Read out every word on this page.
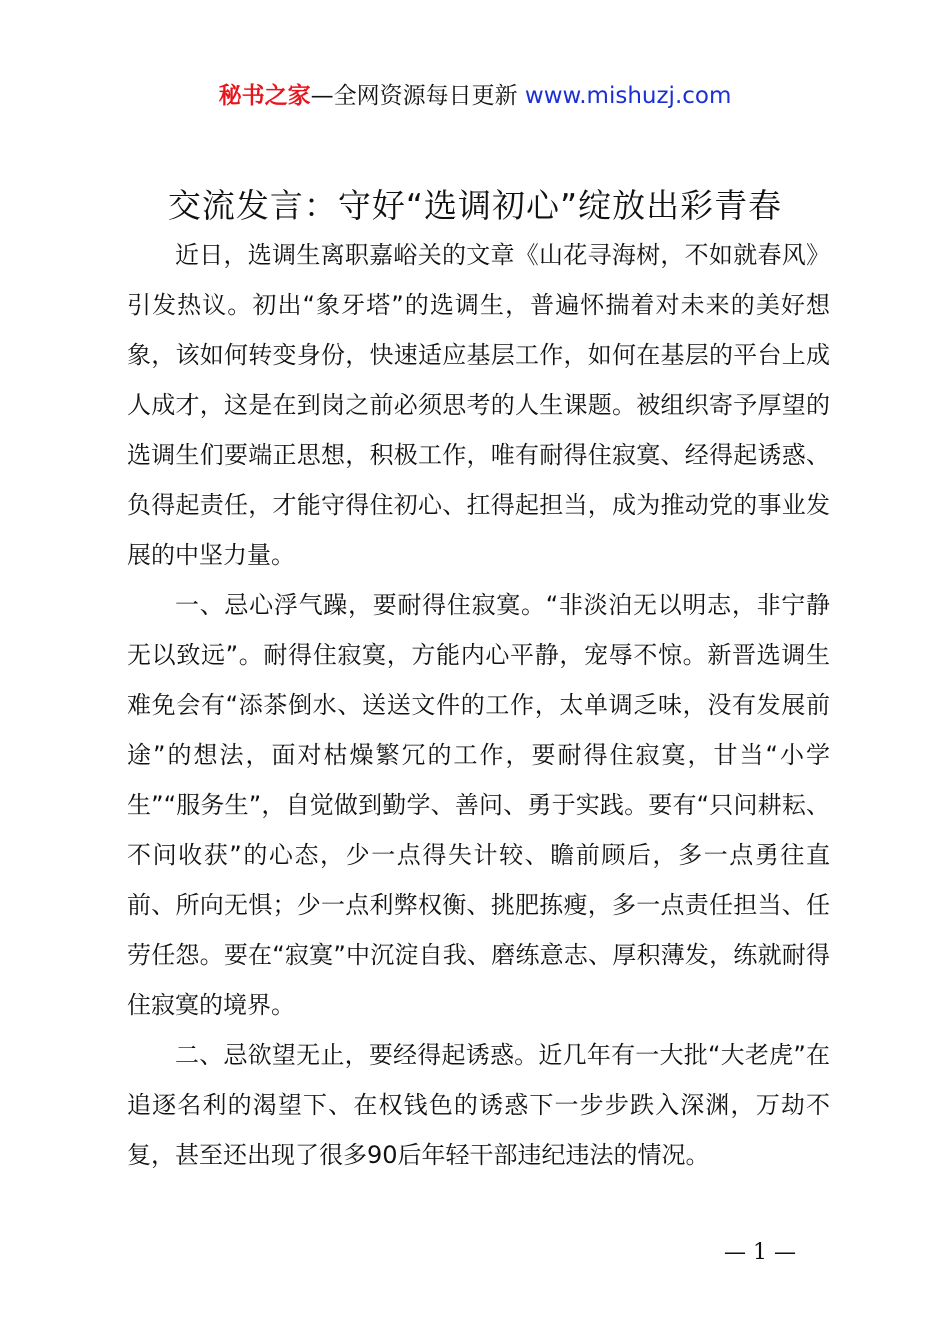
秘书之家—全网资源每日更新 www.mishuzj.com
交流发言：守好“选调初心”绽放出彩青春

近日，选调生离职嘉峪关的文章《山花寻海树，不如就春风》引发热议。初出“象牙塔”的选调生，普遍怀揣着对未来的美好想象，该如何转变身份，快速适应基层工作，如何在基层的平台上成人成才，这是在到岗之前必须思考的人生课题。被组织寄予厚望的选调生们要端正思想，积极工作，唯有耐得住寂寞、经得起诱惑、负得起责任，才能守得住初心、扛得起担当，成为推动党的事业发展的中坚力量。

一、忌心浮气躁，要耐得住寂寞。“非淡泊无以明志，非宁静无以致远”。耐得住寂寞，方能内心平静，宠辱不惊。新晋选调生难免会有“添茶倒水、送送文件的工作，太单调乏味，没有发展前途”的想法，面对枯燥繁冗的工作，要耐得住寂寞，甘当“小学生”“服务生”，自觉做到勤学、善问、勇于实践。要有“只问耕耘、不问收获”的心态，少一点得失计较、瞻前顾后，多一点勇往直前、所向无惧；少一点利弊权衡、挑肥拣瘦，多一点责任担当、任劳任怨。要在“寂寞”中沉淀自我、磨练意志、厚积薄发，练就耐得住寂寞的境界。

二、忌欲望无止，要经得起诱惑。近几年有一大批“大老虎”在追逐名利的渴望下、在权钱色的诱惑下一步步跌入深渊，万劫不复，甚至还出现了很多90后年轻干部违纪违法的情况。

— 1 —
